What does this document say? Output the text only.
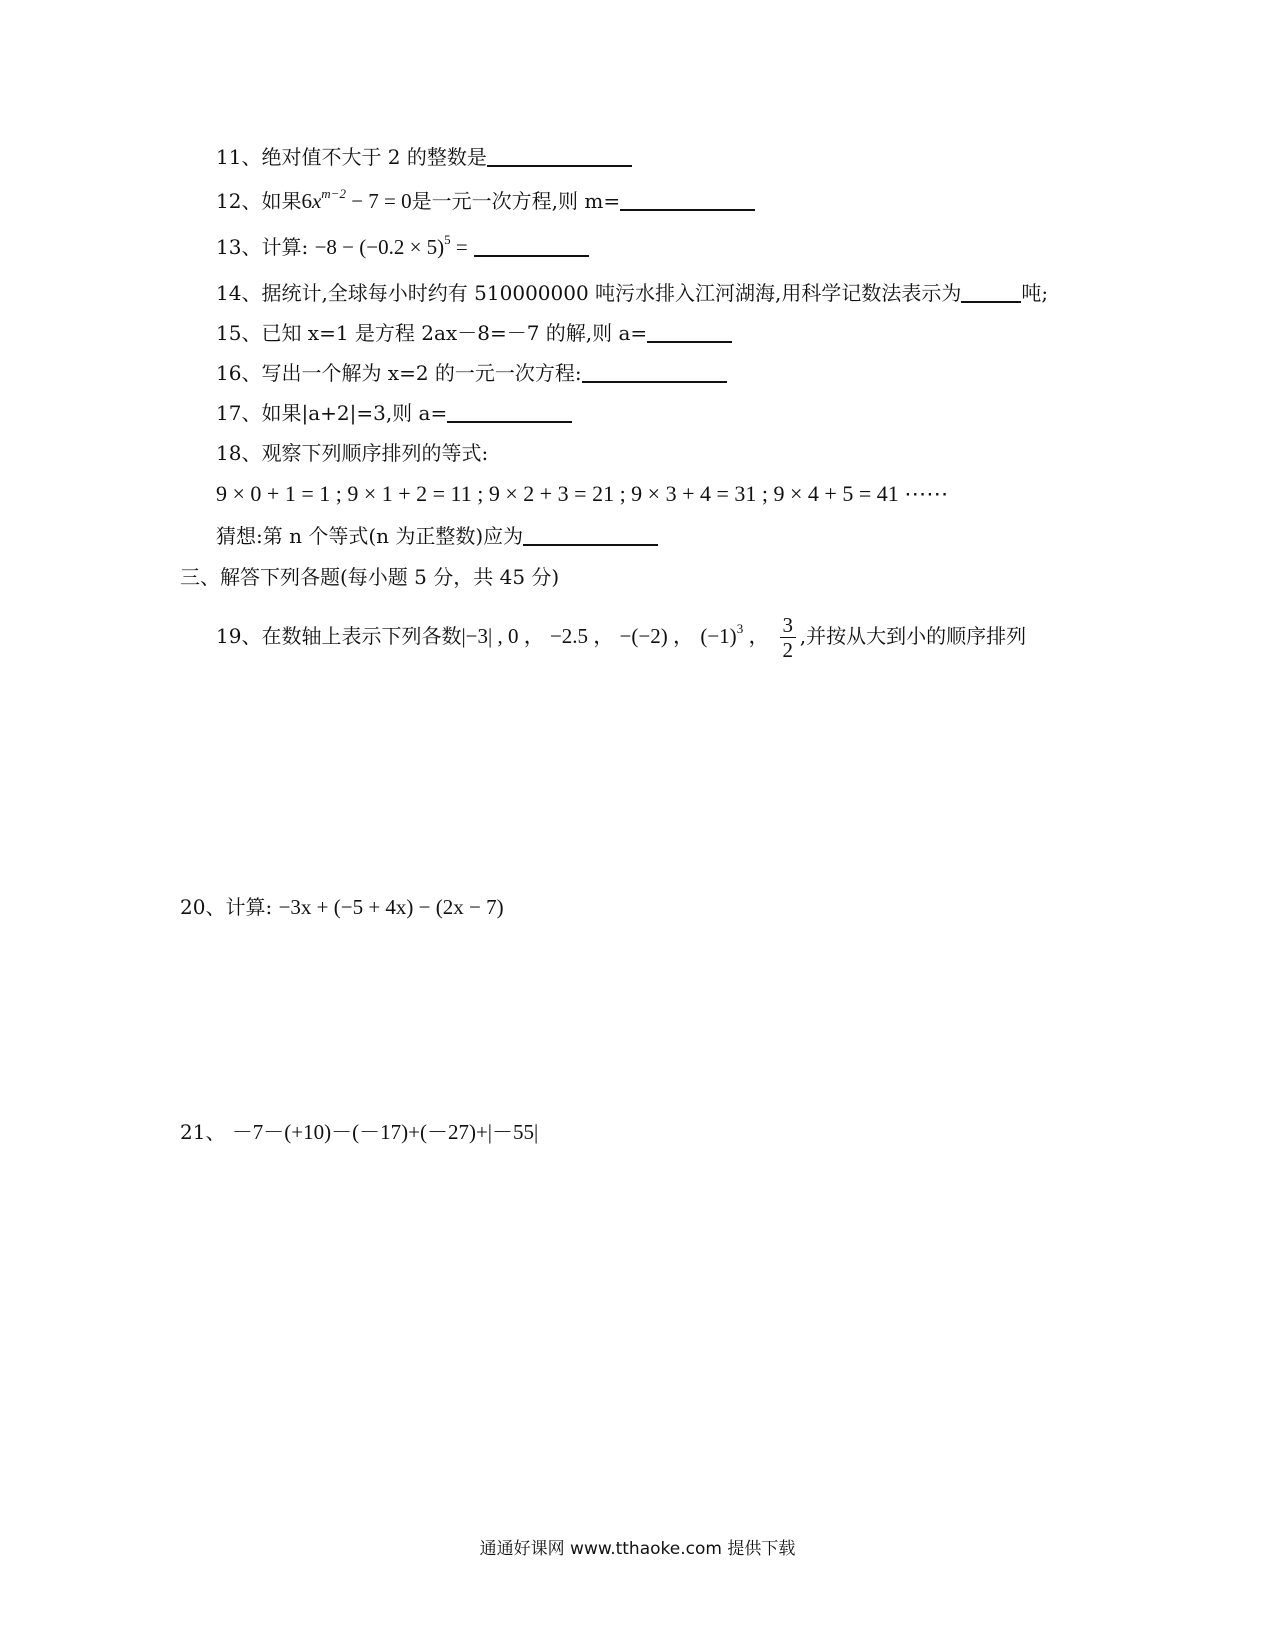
11、绝对值不大于 2 的整数是
12、如果$6x^{m-2} - 7 = 0$是一元一次方程,则 m=
13、计算: $-8 - (-0.2 \times 5)^5$ =
14、据统计,全球每小时约有 510000000 吨污水排入江河湖海,用科学记数法表示为	吨;
15、已知 x=1 是方程 2ax－8=－7 的解,则 a=
16、写出一个解为 x=2 的一元一次方程:
17、如果|a+2|=3,则 a=
18、观察下列顺序排列的等式:
9 × 0 + 1 = 1 ; 9 × 1 + 2 = 11 ; 9 × 2 + 3 = 21 ; 9 × 3 + 4 = 31 ; 9 × 4 + 5 = 41 ⋯⋯
猜想:第 n 个等式(n 为正整数)应为
三、解答下列各题(每小题 5 分，共 45 分)
19、在数轴上表示下列各数|−3| , 0 ， −2.5 ， −(−2) ， $(-1)^3$ ， $\frac{3}{2}$ ,并按从大到小的顺序排列
20、计算: −3x + (−5 + 4x) − (2x − 7)
21、 －7－(+10)－(－17)+(－27)+|－55|
通通好课网 www.tthaoke.com 提供下载
